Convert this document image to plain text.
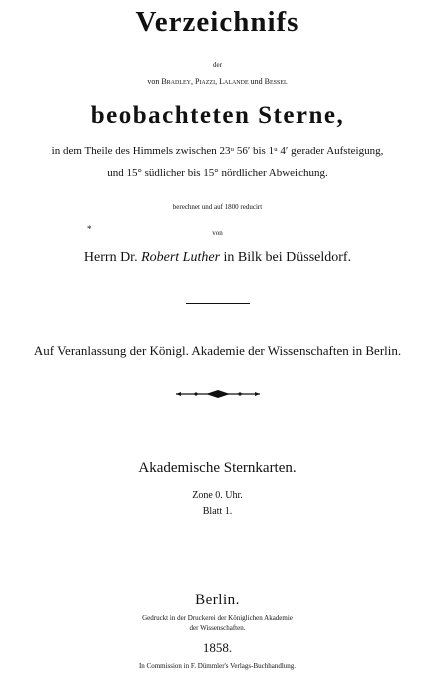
Verzeichnifs
der
von Bradley, Piazzi, Lalande und Bessel
beobachteten Sterne,
in dem Theile des Himmels zwischen 23ᵘ 56′ bis 1ᵘ 4′ gerader Aufsteigung,
und 15° südlicher bis 15° nördlicher Abweichung.
berechnet und auf 1800 reducirt
*	von
Herrn Dr. Robert Luther in Bilk bei Düsseldorf.
Auf Veranlassung der Königl. Akademie der Wissenschaften in Berlin.
Akademische Sternkarten.
Zone 0. Uhr.
Blatt 1.
Berlin.
Gedruckt in der Druckerei der Königlichen Akademie
der Wissenschaften.
1858.
In Commission in F. Dümmler's Verlags-Buchhandlung.
